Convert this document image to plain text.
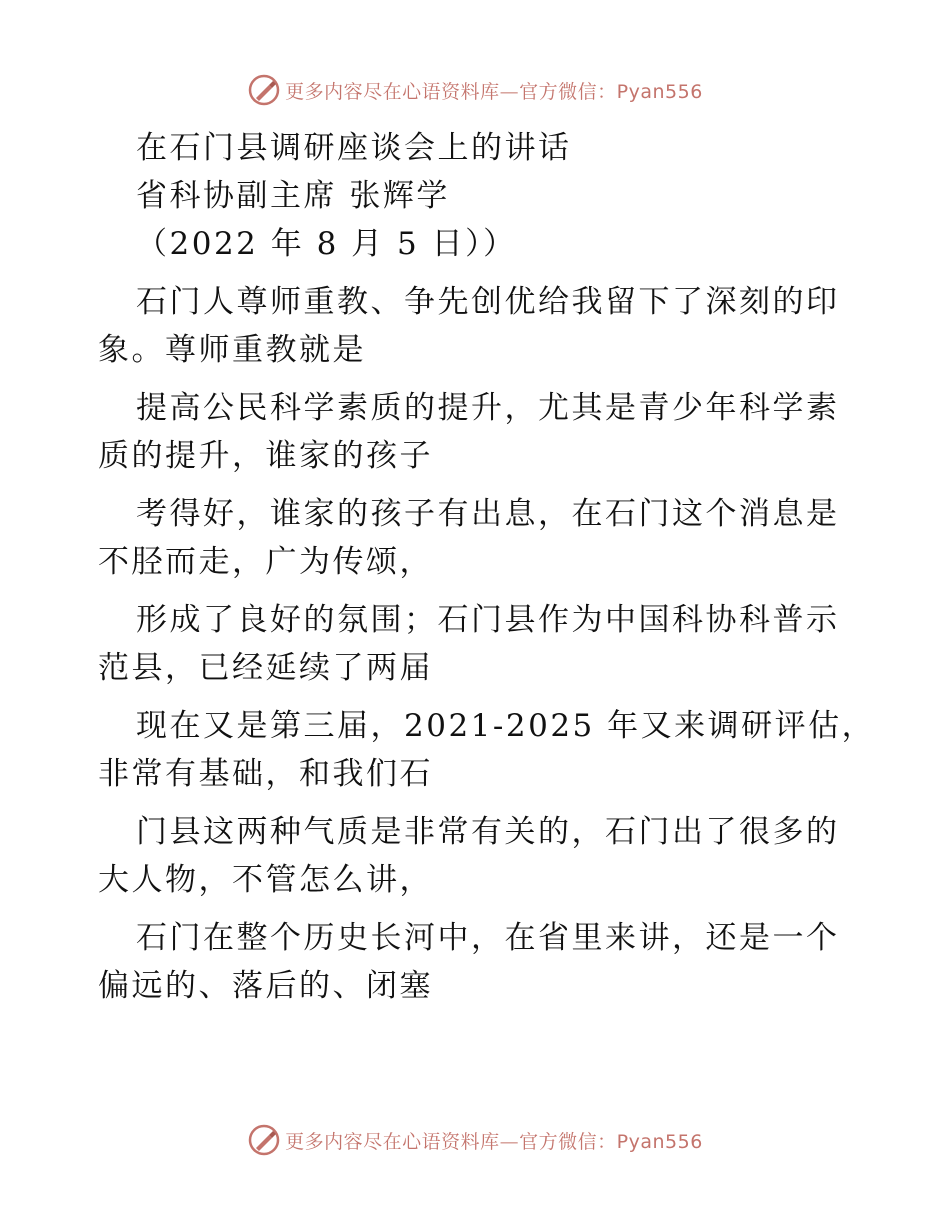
更多内容尽在心语资料库—官方微信：Pyan556
在石门县调研座谈会上的讲话
省科协副主席 张辉学
（2022 年 8 月 5 日））
石门人尊师重教、争先创优给我留下了深刻的印
象。尊师重教就是
提高公民科学素质的提升，尤其是青少年科学素
质的提升，谁家的孩子
考得好，谁家的孩子有出息，在石门这个消息是
不胫而走，广为传颂，
形成了良好的氛围；石门县作为中国科协科普示
范县，已经延续了两届
现在又是第三届，2021-2025 年又来调研评估，
非常有基础，和我们石
门县这两种气质是非常有关的，石门出了很多的
大人物，不管怎么讲，
石门在整个历史长河中，在省里来讲，还是一个
偏远的、落后的、闭塞
更多内容尽在心语资料库—官方微信：Pyan556
